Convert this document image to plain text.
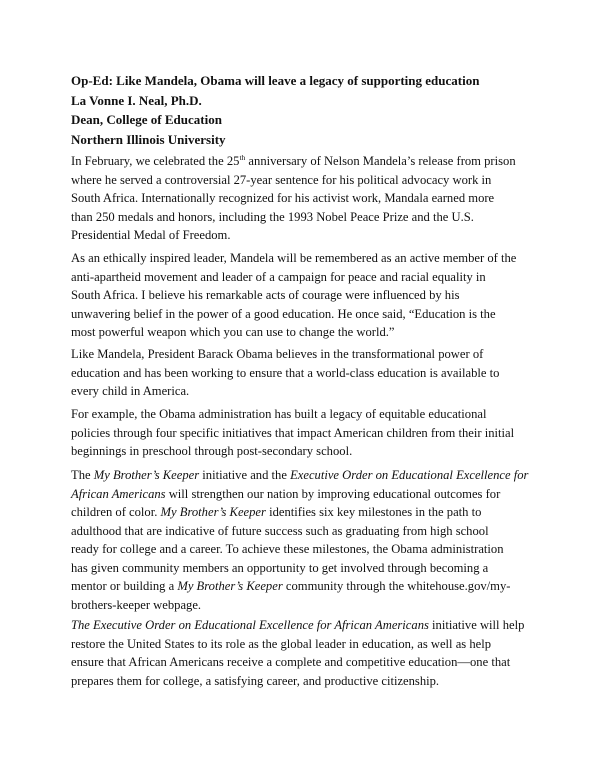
Op-Ed: Like Mandela, Obama will leave a legacy of supporting education
La Vonne I. Neal, Ph.D.
Dean, College of Education
Northern Illinois University
In February, we celebrated the 25th anniversary of Nelson Mandela’s release from prison
where he served a controversial 27-year sentence for his political advocacy work in
South Africa. Internationally recognized for his activist work, Mandala earned more
than 250 medals and honors, including the 1993 Nobel Peace Prize and the U.S.
Presidential Medal of Freedom.
As an ethically inspired leader, Mandela will be remembered as an active member of the
anti-apartheid movement and leader of a campaign for peace and racial equality in
South Africa. I believe his remarkable acts of courage were influenced by his
unwavering belief in the power of a good education. He once said, “Education is the
most powerful weapon which you can use to change the world.”
Like Mandela, President Barack Obama believes in the transformational power of
education and has been working to ensure that a world-class education is available to
every child in America.
For example, the Obama administration has built a legacy of equitable educational
policies through four specific initiatives that impact American children from their initial
beginnings in preschool through post-secondary school.
The My Brother’s Keeper initiative and the Executive Order on Educational Excellence for
African Americans will strengthen our nation by improving educational outcomes for
children of color. My Brother’s Keeper identifies six key milestones in the path to
adulthood that are indicative of future success such as graduating from high school
ready for college and a career. To achieve these milestones, the Obama administration
has given community members an opportunity to get involved through becoming a
mentor or building a My Brother’s Keeper community through the whitehouse.gov/my-
brothers-keeper webpage.
The Executive Order on Educational Excellence for African Americans initiative will help
restore the United States to its role as the global leader in education, as well as help
ensure that African Americans receive a complete and competitive education—one that
prepares them for college, a satisfying career, and productive citizenship.
